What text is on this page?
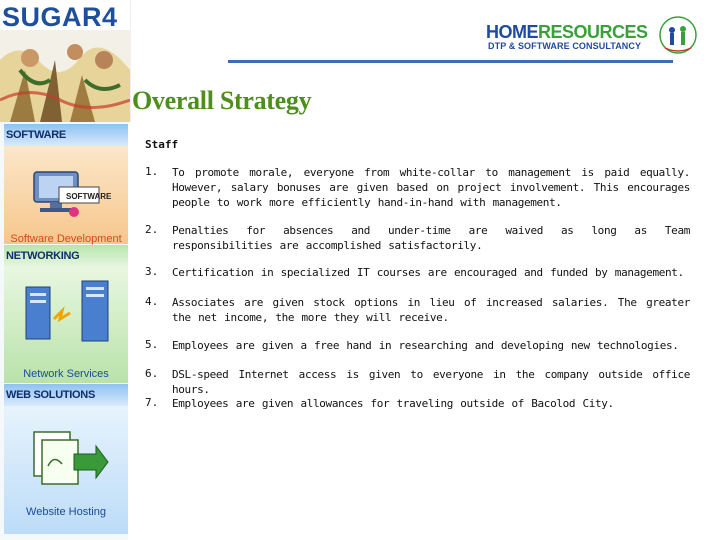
SUGAR4	HOMERESOURCES
DTP & SOFTWARE CONSULTANCY
Overall Strategy
SOFTWARE
SOFTWARE
Software Development
NETWORKING
Network Services
WEB SOLUTIONS
Website Hosting
Staff
1. To promote morale, everyone from white-collar to management is paid equally. However, salary bonuses are given based on project involvement. This encourages people to work more efficiently hand-in-hand with management.
2. Penalties for absences and under-time are waived as long as Team responsibilities are accomplished satisfactorily.
3. Certification in specialized IT courses are encouraged and funded by management.
4. Associates are given stock options in lieu of increased salaries. The greater the net income, the more they will receive.
5. Employees are given a free hand in researching and developing new technologies.
6. DSL-speed Internet access is given to everyone in the company outside office hours.
7. Employees are given allowances for traveling outside of Bacolod City.
